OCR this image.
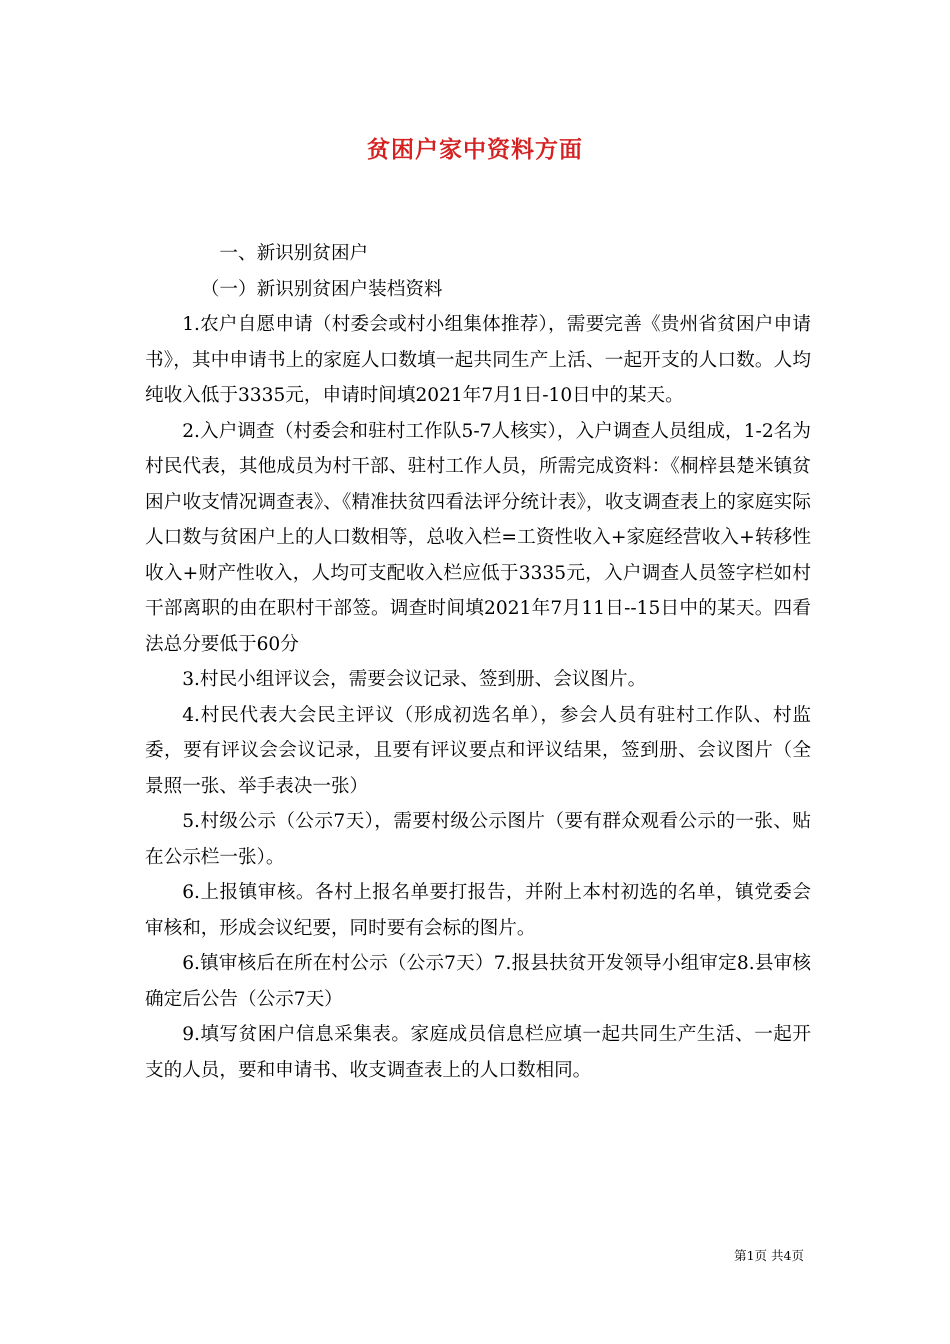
贫困户家中资料方面

一、新识别贫困户

（一）新识别贫困户装档资料

1.农户自愿申请（村委会或村小组集体推荐），需要完善《贵州省贫困户申请书》，其中申请书上的家庭人口数填一起共同生产上活、一起开支的人口数。人均纯收入低于3335元，申请时间填2021年7月1日-10日中的某天。

2.入户调查（村委会和驻村工作队5-7人核实），入户调查人员组成，1-2名为村民代表，其他成员为村干部、驻村工作人员，所需完成资料：《桐梓县楚米镇贫困户收支情况调查表》、《精准扶贫四看法评分统计表》，收支调查表上的家庭实际人口数与贫困户上的人口数相等，总收入栏=工资性收入+家庭经营收入+转移性收入+财产性收入，人均可支配收入栏应低于3335元，入户调查人员签字栏如村干部离职的由在职村干部签。调查时间填2021年7月11日--15日中的某天。四看法总分要低于60分

3.村民小组评议会，需要会议记录、签到册、会议图片。

4.村民代表大会民主评议（形成初选名单），参会人员有驻村工作队、村监委，要有评议会会议记录，且要有评议要点和评议结果，签到册、会议图片（全景照一张、举手表决一张）

5.村级公示（公示7天），需要村级公示图片（要有群众观看公示的一张、贴在公示栏一张）。

6.上报镇审核。各村上报名单要打报告，并附上本村初选的名单，镇党委会审核和，形成会议纪要，同时要有会标的图片。

6.镇审核后在所在村公示（公示7天）7.报县扶贫开发领导小组审定8.县审核确定后公告（公示7天）

9.填写贫困户信息采集表。家庭成员信息栏应填一起共同生产生活、一起开支的人员，要和申请书、收支调查表上的人口数相同。

第1页 共4页
